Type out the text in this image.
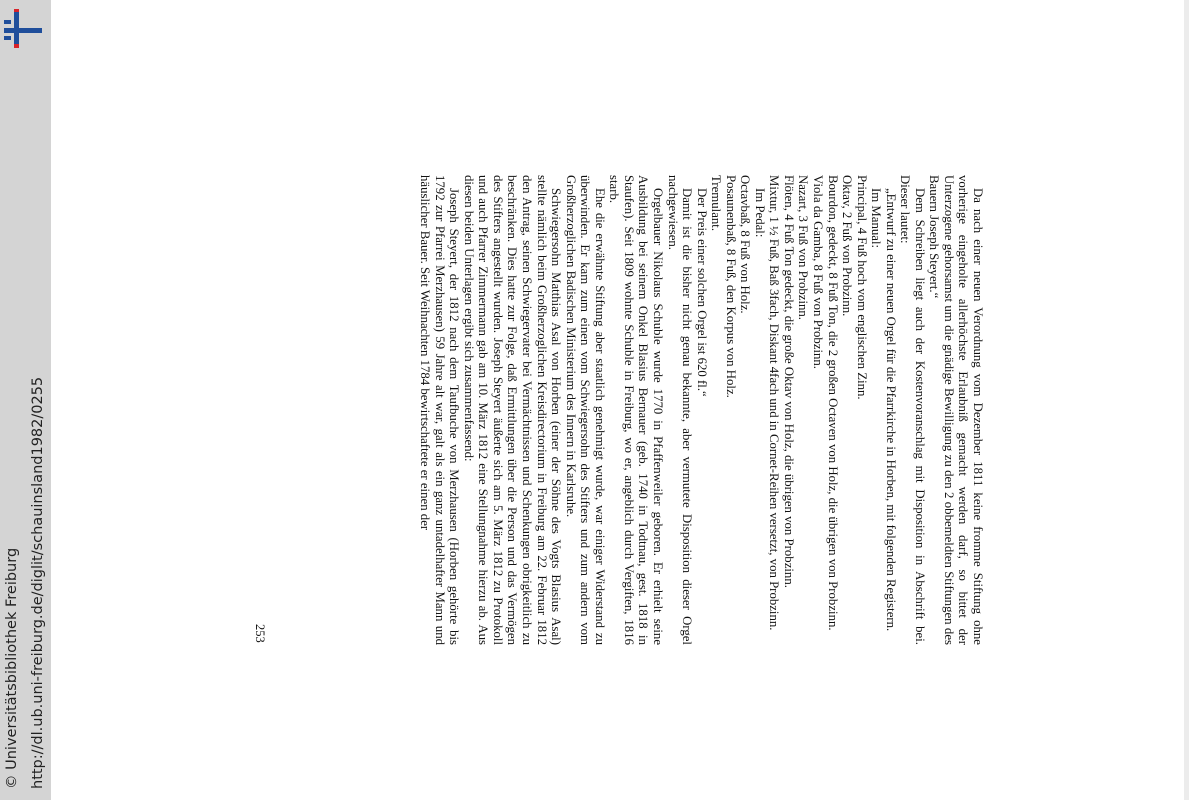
http://dl.ub.uni-freiburg.de/diglit/schauinsland1982/0255
© Universitätsbibliothek Freiburg

Da nach einer neuen Verordnung vom Dezember 1811 keine fromme Stiftung ohne vorherige eingeholte allerhöchste Erlaubniß gemacht werden darf, so bittet der Unterzogene gehorsamst um die gnädige Bewilligung zu den 2 obbemeldten Stiftungen des Bauern Joseph Steyert.“

Dem Schreiben liegt auch der Kostenvoranschlag mit Disposition in Abschrift bei. Dieser lautet:

„Entwurf zu einer neuen Orgel für die Pfarrkirche in Horben, mit folgenden Registern.

Im Manual:

Principal, 4 Fuß hoch vom englischen Zinn.

Oktav, 2 Fuß von Probzinn.

Bourdon, gedeckt, 8 Fuß Ton, die 2 großen Octaven von Holz, die übrigen von Probzinn.

Viola da Gamba, 8 Fuß von Probzinn.

Nazart, 3 Fuß von Probzinn.

Flöten, 4 Fuß Ton gedeckt, die große Oktav von Holz, die übrigen von Probzinn.

Mixtur, 1 ½ Fuß, Baß 3fach, Diskant 4fach und in Cornet-Reihen versetzt, von Probzinn.

Im Pedal:

Octavbaß, 8 Fuß von Holz.

Posaunenbaß, 8 Fuß, den Korpus von Holz.

Tremulant.

Der Preis einer solchen Orgel ist 620 fl.“

Damit ist die bisher nicht genau bekannte, aber vermutete Disposition dieser Orgel nachgewiesen.

Orgelbauer Nikolaus Schuble wurde 1770 in Pfaffenweiler geboren. Er erhielt seine Ausbildung bei seinem Onkel Blasius Bernauer (geb. 1740 in Todtnau, gest. 1818 in Staufen). Seit 1809 wohnte Schuble in Freiburg, wo er, angeblich durch Vergiften, 1816 starb.

Ehe die erwähnte Stiftung aber staatlich genehmigt wurde, war einiger Widerstand zu überwinden. Er kam zum einen vom Schwiegersohn des Stifters und zum andern vom Großherzoglichen Badischen Ministerium des Innern in Karlsruhe.

Schwiegersohn Matthias Asal von Horben (einer der Söhne des Vogts Blasius Asal) stellte nämlich beim Großherzoglichen Kreisdirectorium in Freiburg am 22. Februar 1812 den Antrag, seinen Schwiegervater bei Vermächtnissen und Schenkungen obrigkeitlich zu beschränken. Dies hatte zur Folge, daß Ermittlungen über die Person und das Vermögen des Stifters angestellt wurden. Joseph Steyert äußerte sich am 5. März 1812 zu Protokoll und auch Pfarrer Zimmermann gab am 10. März 1812 eine Stellungnahme hierzu ab. Aus diesen beiden Unterlagen ergibt sich zusammenfassend:

Joseph Steyert, der 1812 nach dem Taufbuche von Merzhausen (Horben gehörte bis 1792 zur Pfarrei Merzhausen) 59 Jahre alt war, galt als ein ganz untadelhafter Mann und häuslicher Bauer. Seit Weihnachten 1784 bewirtschaftete er einen der

253
